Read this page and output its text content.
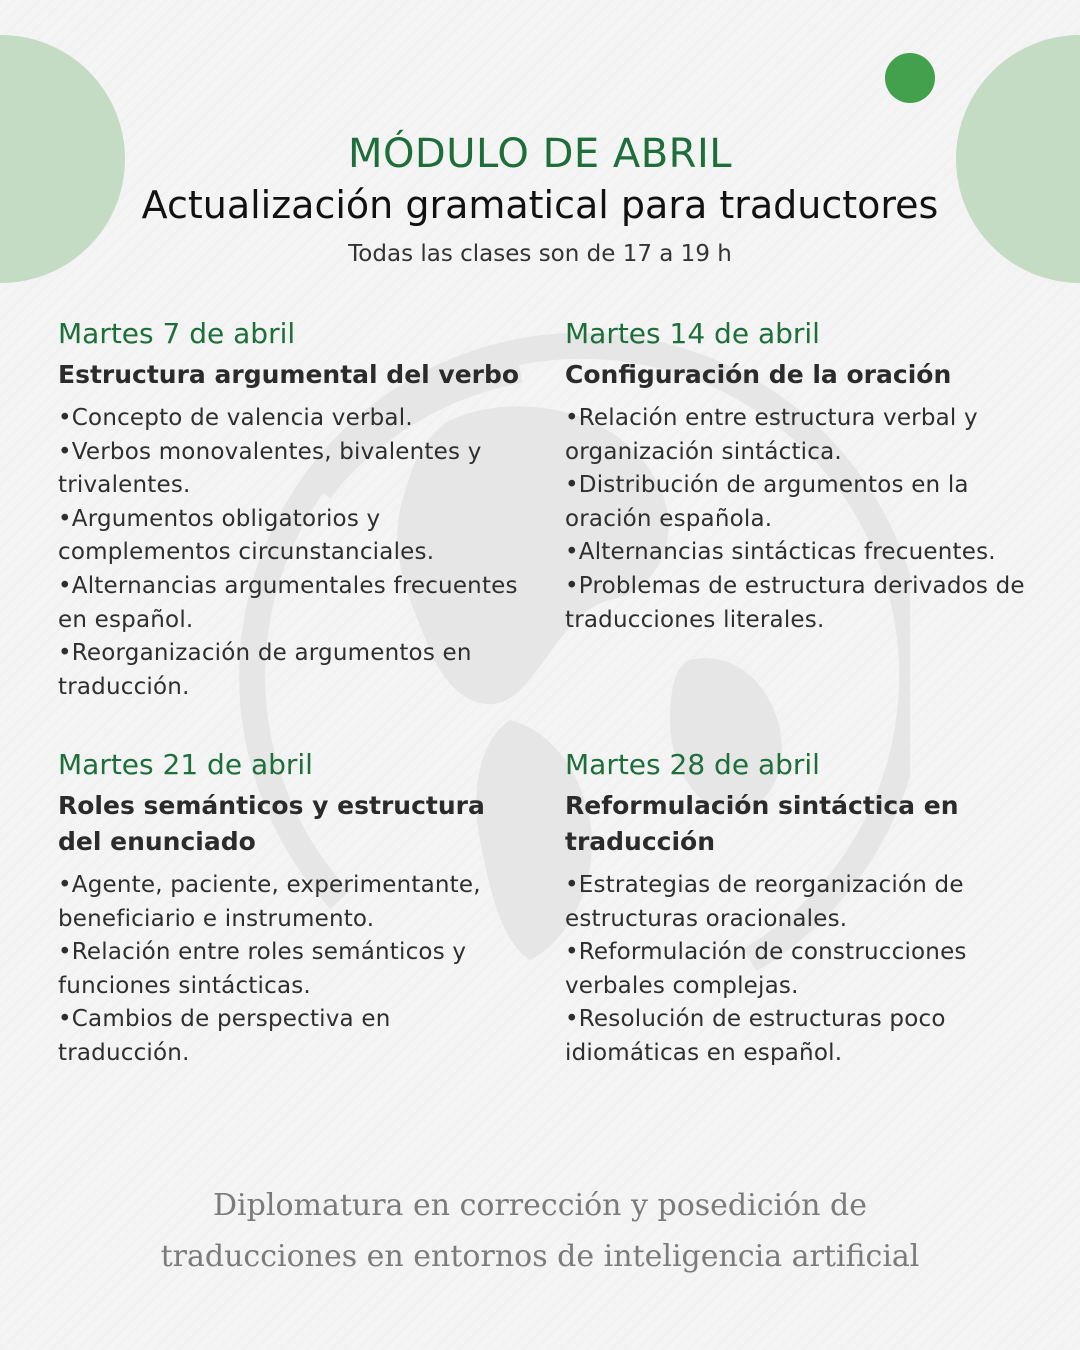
MÓDULO DE ABRIL
Actualización gramatical para traductores
Todas las clases son de 17 a 19 h
Martes 7 de abril
Estructura argumental del verbo
• Concepto de valencia verbal.
• Verbos monovalentes, bivalentes y trivalentes.
• Argumentos obligatorios y complementos circunstanciales.
• Alternancias argumentales frecuentes en español.
• Reorganización de argumentos en traducción.
Martes 14 de abril
Configuración de la oración
• Relación entre estructura verbal y organización sintáctica.
• Distribución de argumentos en la oración española.
• Alternancias sintácticas frecuentes.
• Problemas de estructura derivados de traducciones literales.
Martes 21 de abril
Roles semánticos y estructura del enunciado
• Agente, paciente, experimentante, beneficiario e instrumento.
• Relación entre roles semánticos y funciones sintácticas.
• Cambios de perspectiva en traducción.
Martes 28 de abril
Reformulación sintáctica en traducción
• Estrategias de reorganización de estructuras oracionales.
• Reformulación de construcciones verbales complejas.
• Resolución de estructuras poco idiomáticas en español.
Diplomatura en corrección y posedición de
traducciones en entornos de inteligencia artificial
